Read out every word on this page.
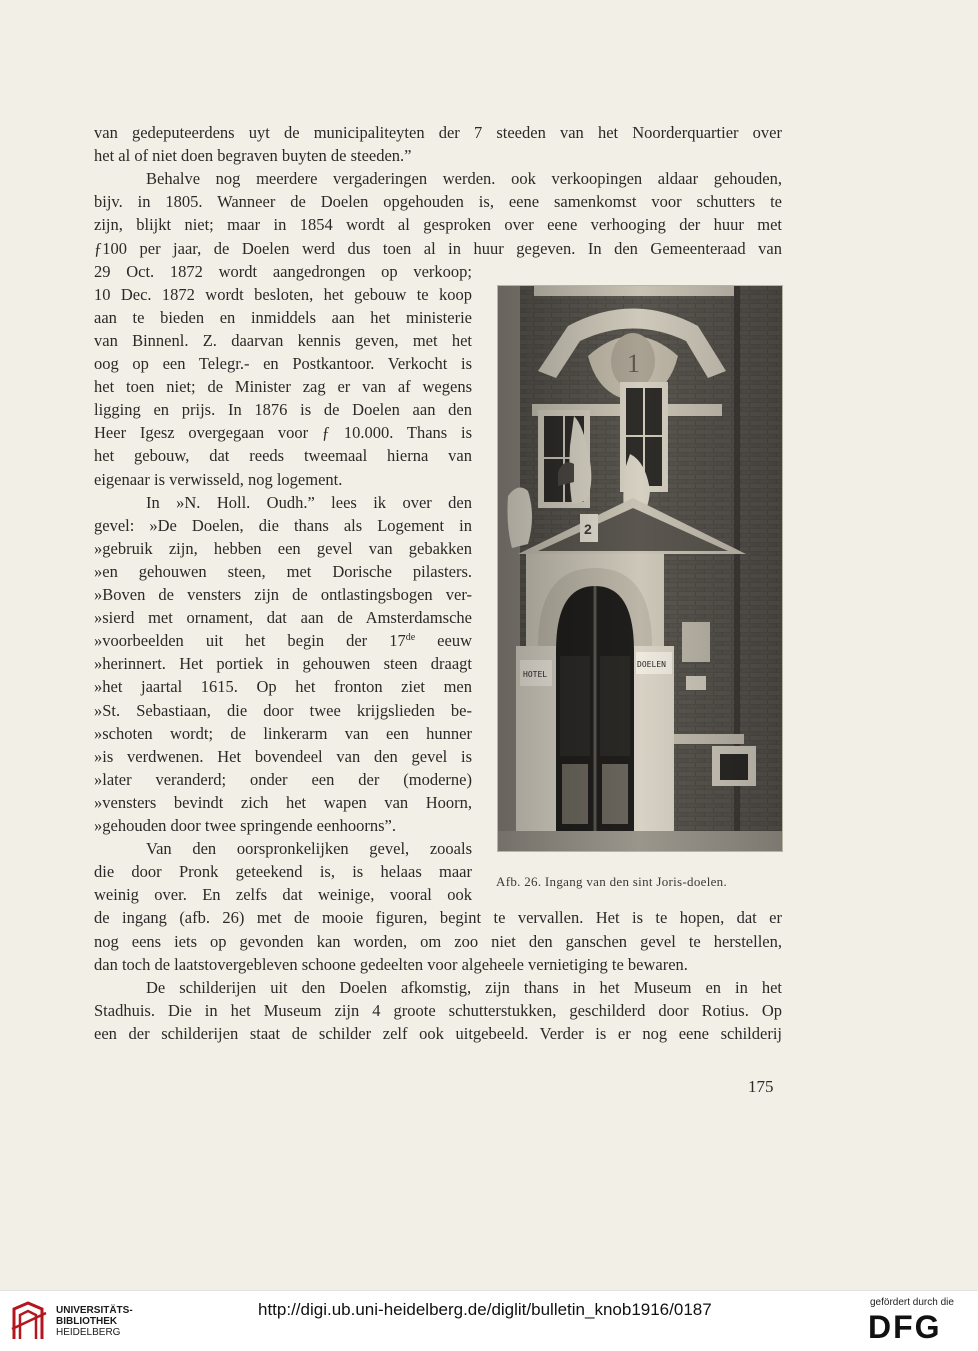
van gedeputeerdens uyt de municipaliteyten der 7 steeden van het Noorderquartier over
het al of niet doen begraven buyten de steeden.”
Behalve nog meerdere vergaderingen werden. ook verkoopingen aldaar gehouden,
bijv. in 1805. Wanneer de Doelen opgehouden is, eene samenkomst voor schutters te
zijn, blijkt niet; maar in 1854 wordt al gesproken over eene verhooging der huur met
ƒ100 per jaar, de Doelen werd dus toen al in huur gegeven. In den Gemeenteraad van
29 Oct. 1872 wordt aangedrongen op verkoop;
10 Dec. 1872 wordt besloten, het gebouw te koop
aan te bieden en inmiddels aan het ministerie
van Binnenl. Z. daarvan kennis geven, met het
oog op een Telegr.- en Postkantoor. Verkocht is
het toen niet; de Minister zag er van af wegens
ligging en prijs. In 1876 is de Doelen aan den
Heer Igesz overgegaan voor ƒ 10.000. Thans is
het gebouw, dat reeds tweemaal hierna van
eigenaar is verwisseld, nog logement.
In »N. Holl. Oudh.” lees ik over den
gevel: »De Doelen, die thans als Logement in
»gebruik zijn, hebben een gevel van gebakken
»en gehouwen steen, met Dorische pilasters.
»Boven de vensters zijn de ontlastingsbogen ver-
»sierd met ornament, dat aan de Amsterdamsche
»voorbeelden uit het begin der 17de eeuw
»herinnert. Het portiek in gehouwen steen draagt
»het jaartal 1615. Op het fronton ziet men
»St. Sebastiaan, die door twee krijgslieden be-
»schoten wordt; de linkerarm van een hunner
»is verdwenen. Het bovendeel van den gevel is
»later veranderd; onder een der (moderne)
»vensters bevindt zich het wapen van Hoorn,
»gehouden door twee springende eenhoorns”.
Van den oorspronkelijken gevel, zooals
die door Pronk geteekend is, is helaas maar
weinig over. En zelfs dat weinige, vooral ook
de ingang (afb. 26) met de mooie figuren, begint te vervallen. Het is te hopen, dat er
nog eens iets op gevonden kan worden, om zoo niet den ganschen gevel te herstellen,
dan toch de laatstovergebleven schoone gedeelten voor algeheele vernietiging te bewaren.
De schilderijen uit den Doelen afkomstig, zijn thans in het Museum en in het
Stadhuis. Die in het Museum zijn 4 groote schutterstukken, geschilderd door Rotius. Op
een der schilderijen staat de schilder zelf ook uitgebeeld. Verder is er nog eene schilderij
Afb. 26. Ingang van den sint Joris-doelen.
175
UNIVERSITÄTS-
BIBLIOTHEK
HEIDELBERG
http://digi.ub.uni-heidelberg.de/diglit/bulletin_knob1916/0187	gefördert durch die
DFG
